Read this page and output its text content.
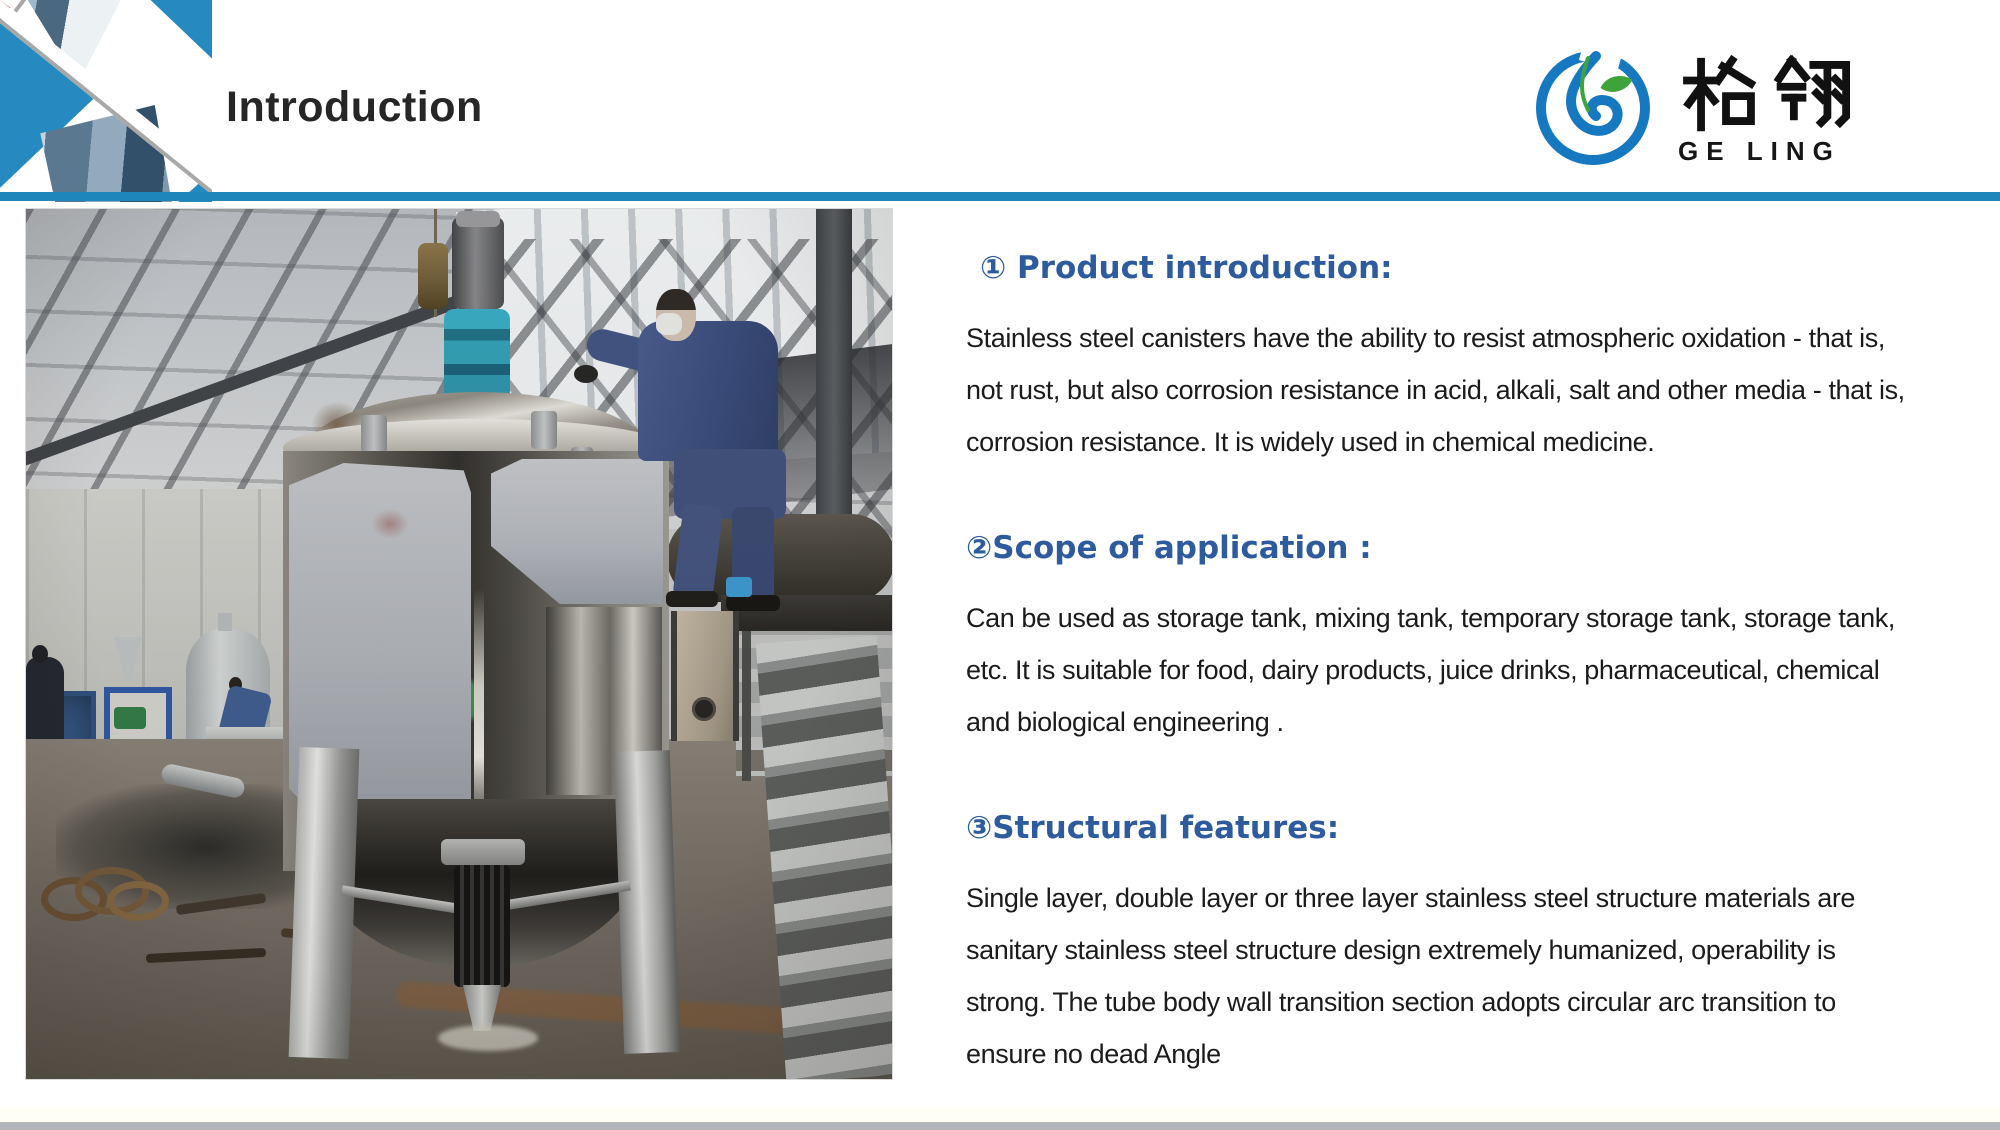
Introduction
GE LING
① Product introduction:

Stainless steel canisters have the ability to resist atmospheric oxidation - that is, not rust, but also corrosion resistance in acid, alkali, salt and other media - that is, corrosion resistance. It is widely used in chemical medicine.

②Scope of application :

Can be used as storage tank, mixing tank, temporary storage tank, storage tank, etc. It is suitable for food, dairy products, juice drinks, pharmaceutical, chemical and biological engineering .

③Structural features:

Single layer, double layer or three layer stainless steel structure materials are sanitary stainless steel structure design extremely humanized, operability is strong. The tube body wall transition section adopts circular arc transition to ensure no dead Angle
